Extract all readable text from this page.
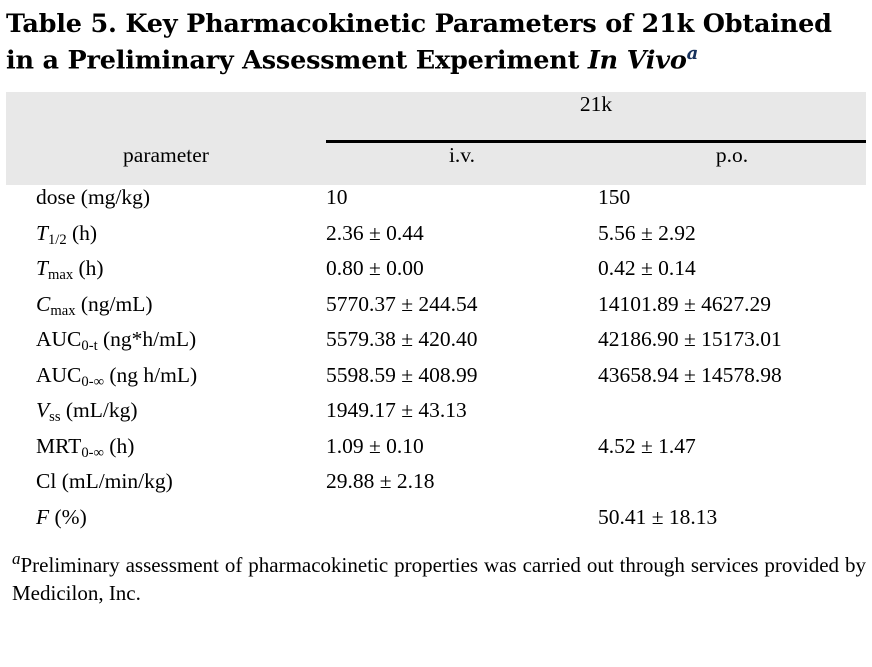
Table 5. Key Pharmacokinetic Parameters of 21k Obtained
in a Preliminary Assessment Experiment In Vivo$^a$
	21k	
parameter	i.v.	p.o.
dose (mg/kg)	10	150
$T_{1/2}$ (h)	2.36 ± 0.44	5.56 ± 2.92
$T_{max}$ (h)	0.80 ± 0.00	0.42 ± 0.14
$C_{max}$ (ng/mL)	5770.37 ± 244.54	14101.89 ± 4627.29
$AUC_{0-t}$ (ng*h/mL)	5579.38 ± 420.40	42186.90 ± 15173.01
$AUC_{0-\infty}$ (ng h/mL)	5598.59 ± 408.99	43658.94 ± 14578.98
$V_{ss}$ (mL/kg)	1949.17 ± 43.13	
$MRT_{0-\infty}$ (h)	1.09 ± 0.10	4.52 ± 1.47
Cl (mL/min/kg)	29.88 ± 2.18	
F (%)		50.41 ± 18.13
$^a$Preliminary assessment of pharmacokinetic properties was carried out through services provided by Medicilon, Inc.
